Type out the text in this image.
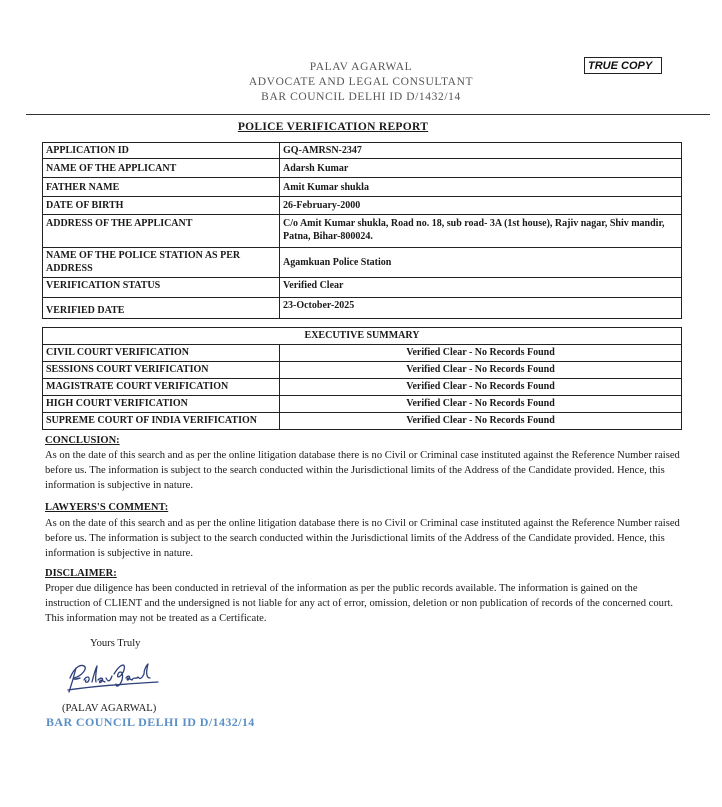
PALAV AGARWAL
ADVOCATE AND LEGAL CONSULTANT
BAR COUNCIL DELHI ID D/1432/14
TRUE COPY
POLICE VERIFICATION REPORT
APPLICATION ID	GQ-AMRSN-2347
NAME OF THE APPLICANT	Adarsh Kumar
FATHER NAME	Amit Kumar shukla
DATE OF BIRTH	26-February-2000
ADDRESS OF THE APPLICANT	C/o Amit Kumar shukla, Road no. 18, sub road- 3A (1st house), Rajiv nagar, Shiv mandir, Patna, Bihar-800024.
NAME OF THE POLICE STATION AS PER ADDRESS	Agamkuan Police Station
VERIFICATION STATUS	Verified Clear
VERIFIED DATE	23-October-2025
EXECUTIVE SUMMARY	
CIVIL COURT VERIFICATION	Verified Clear - No Records Found
SESSIONS COURT VERIFICATION	Verified Clear - No Records Found
MAGISTRATE COURT VERIFICATION	Verified Clear - No Records Found
HIGH COURT VERIFICATION	Verified Clear - No Records Found
SUPREME COURT OF INDIA VERIFICATION	Verified Clear - No Records Found
CONCLUSION:
As on the date of this search and as per the online litigation database there is no Civil or Criminal case instituted against the Reference Number raised before us. The information is subject to the search conducted within the Jurisdictional limits of the Address of the Candidate provided. Hence, this information is subjective in nature.
LAWYERS'S COMMENT:
As on the date of this search and as per the online litigation database there is no Civil or Criminal case instituted against the Reference Number raised before us. The information is subject to the search conducted within the Jurisdictional limits of the Address of the Candidate provided. Hence, this information is subjective in nature.
DISCLAIMER:
Proper due diligence has been conducted in retrieval of the information as per the public records available. The information is gained on the instruction of CLIENT and the undersigned is not liable for any act of error, omission, deletion or non publication of records of the concerned court. This information may not be treated as a Certificate.
Yours Truly
(PALAV AGARWAL)
BAR COUNCIL DELHI ID D/1432/14
